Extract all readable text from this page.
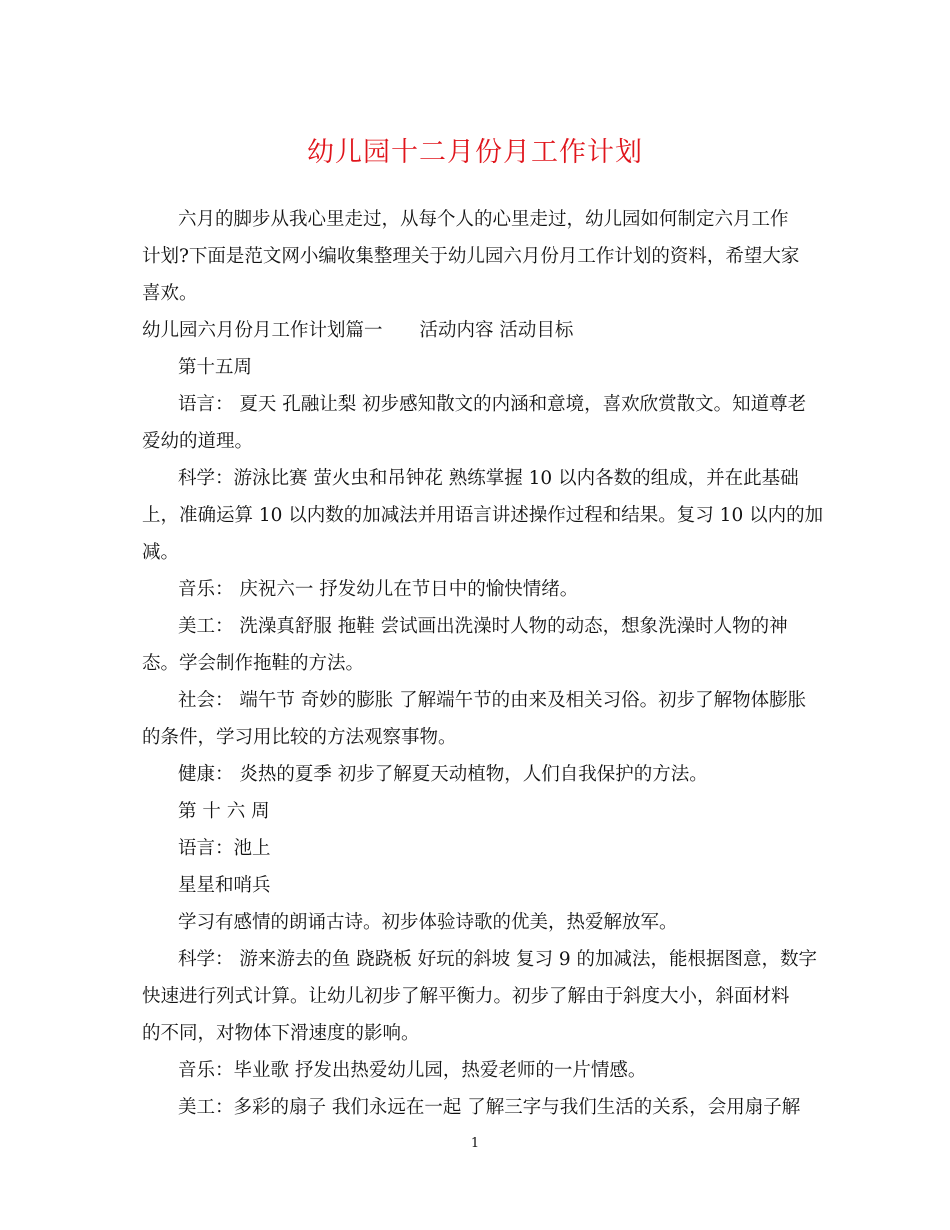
幼儿园十二月份月工作计划
六月的脚步从我心里走过，从每个人的心里走过，幼儿园如何制定六月工作
计划?下面是范文网小编收集整理关于幼儿园六月份月工作计划的资料，希望大家
喜欢。
幼儿园六月份月工作计划篇一　　活动内容 活动目标
第十五周
语言： 夏天 孔融让梨 初步感知散文的内涵和意境，喜欢欣赏散文。知道尊老
爱幼的道理。
科学：游泳比赛 萤火虫和吊钟花 熟练掌握 10 以内各数的组成，并在此基础
上，准确运算 10 以内数的加减法并用语言讲述操作过程和结果。复习 10 以内的加
减。
音乐： 庆祝六一 抒发幼儿在节日中的愉快情绪。
美工： 洗澡真舒服 拖鞋 尝试画出洗澡时人物的动态，想象洗澡时人物的神
态。学会制作拖鞋的方法。
社会： 端午节 奇妙的膨胀 了解端午节的由来及相关习俗。初步了解物体膨胀
的条件，学习用比较的方法观察事物。
健康： 炎热的夏季 初步了解夏天动植物，人们自我保护的方法。
第 十 六 周
语言：池上
星星和哨兵
学习有感情的朗诵古诗。初步体验诗歌的优美，热爱解放军。
科学： 游来游去的鱼 跷跷板 好玩的斜坡 复习 9 的加减法，能根据图意，数字
快速进行列式计算。让幼儿初步了解平衡力。初步了解由于斜度大小，斜面材料
的不同，对物体下滑速度的影响。
音乐：毕业歌 抒发出热爱幼儿园，热爱老师的一片情感。
美工：多彩的扇子 我们永远在一起 了解三字与我们生活的关系，会用扇子解
1
